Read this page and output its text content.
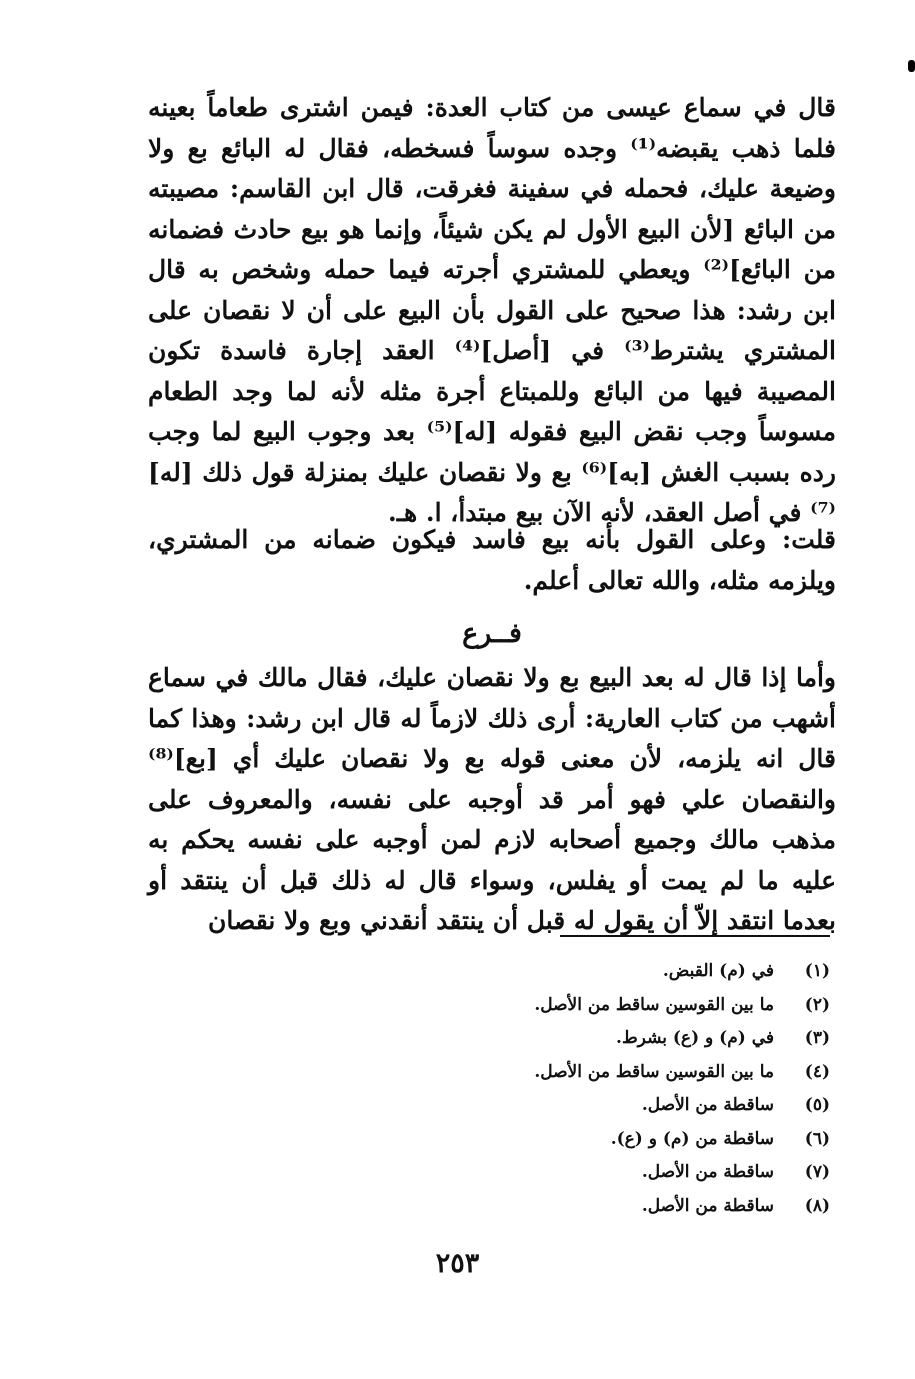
قال في سماع عيسى من كتاب العدة: فيمن اشترى طعاماً بعينه فلما ذهب يقبضه⁽¹⁾ وجده سوساً فسخطه، فقال له البائع بع ولا وضيعة عليك، فحمله في سفينة فغرقت، قال ابن القاسم: مصيبته من البائع [لأن البيع الأول لم يكن شيئاً، وإنما هو بيع حادث فضمانه من البائع]⁽²⁾ ويعطي للمشتري أجرته فيما حمله وشخص به قال ابن رشد: هذا صحيح على القول بأن البيع على أن لا نقصان على المشتري يشترط⁽³⁾ في [أصل]⁽⁴⁾ العقد إجارة فاسدة تكون المصيبة فيها من البائع وللمبتاع أجرة مثله لأنه لما وجد الطعام مسوساً وجب نقض البيع فقوله [له]⁽⁵⁾ بعد وجوب البيع لما وجب رده بسبب الغش [به]⁽⁶⁾ بع ولا نقصان عليك بمنزلة قول ذلك [له]⁽⁷⁾ في أصل العقد، لأنه الآن بيع مبتدأ، ا. هـ.

قلت: وعلى القول بأنه بيع فاسد فيكون ضمانه من المشتري، ويلزمه مثله، والله تعالى أعلم.

فــرع

وأما إذا قال له بعد البيع بع ولا نقصان عليك، فقال مالك في سماع أشهب من كتاب العارية: أرى ذلك لازماً له قال ابن رشد: وهذا كما قال انه يلزمه، لأن معنى قوله بع ولا نقصان عليك أي [بع]⁽⁸⁾ والنقصان علي فهو أمر قد أوجبه على نفسه، والمعروف على مذهب مالك وجميع أصحابه لازم لمن أوجبه على نفسه يحكم به عليه ما لم يمت أو يفلس، وسواء قال له ذلك قبل أن ينتقد أو بعدما انتقد إلاّ أن يقول له قبل أن ينتقد أنقدني وبع ولا نقصان

(١)في (م) القبض.
(٢)ما بين القوسين ساقط من الأصل.
(٣)في (م) و (ع) بشرط.
(٤)ما بين القوسين ساقط من الأصل.
(٥)ساقطة من الأصل.
(٦)ساقطة من (م) و (ع).
(٧)ساقطة من الأصل.
(٨)ساقطة من الأصل.
٢٥٣
